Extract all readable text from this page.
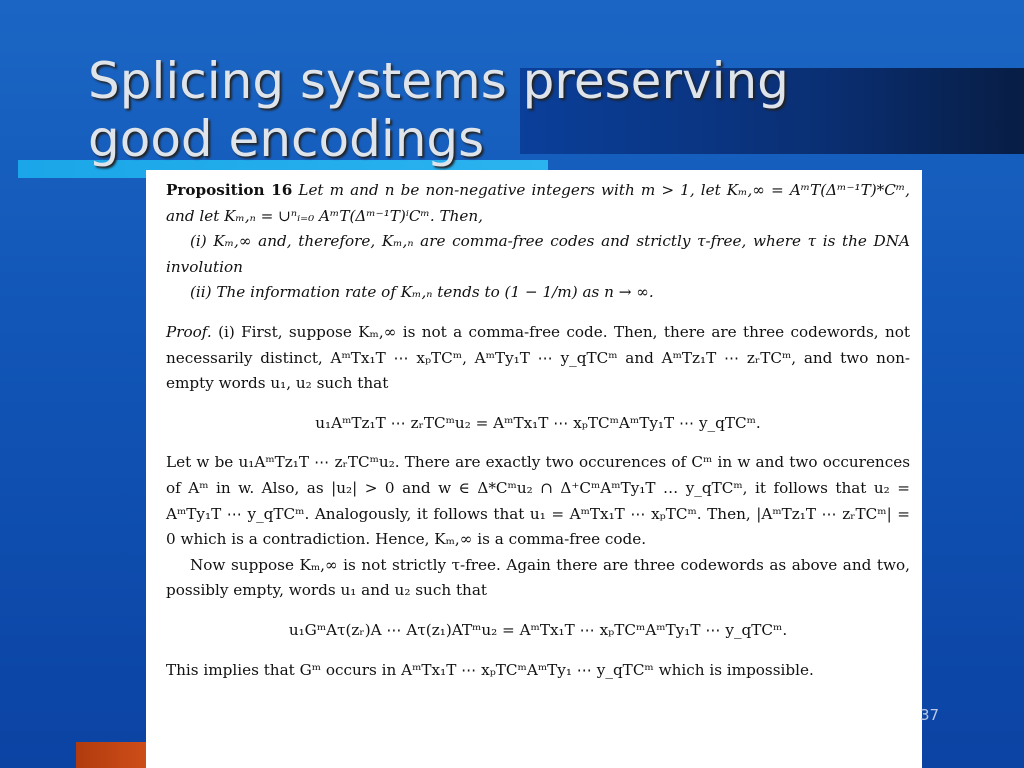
Splicing systems preserving good encodings

Proposition 16 Let m and n be non-negative integers with m > 1, let Kₘ,∞ = AᵐT(Δᵐ⁻¹T)*Cᵐ, and let Kₘ,ₙ = ∪ⁿᵢ₌₀ AᵐT(Δᵐ⁻¹T)ⁱCᵐ. Then,

(i) Kₘ,∞ and, therefore, Kₘ,ₙ are comma-free codes and strictly τ-free, where τ is the DNA involution

(ii) The information rate of Kₘ,ₙ tends to (1 − 1/m) as n → ∞.

Proof. (i) First, suppose Kₘ,∞ is not a comma-free code. Then, there are three codewords, not necessarily distinct, AᵐTx₁T ⋯ xₚTCᵐ, AᵐTy₁T ⋯ y_qTCᵐ and AᵐTz₁T ⋯ zᵣTCᵐ, and two non-empty words u₁, u₂ such that

u₁AᵐTz₁T ⋯ zᵣTCᵐu₂ = AᵐTx₁T ⋯ xₚTCᵐAᵐTy₁T ⋯ y_qTCᵐ.

Let w be u₁AᵐTz₁T ⋯ zᵣTCᵐu₂. There are exactly two occurences of Cᵐ in w and two occurences of Aᵐ in w. Also, as |u₂| > 0 and w ∈ Δ*Cᵐu₂ ∩ Δ⁺CᵐAᵐTy₁T … y_qTCᵐ, it follows that u₂ = AᵐTy₁T ⋯ y_qTCᵐ. Analogously, it follows that u₁ = AᵐTx₁T ⋯ xₚTCᵐ. Then, |AᵐTz₁T ⋯ zᵣTCᵐ| = 0 which is a contradiction. Hence, Kₘ,∞ is a comma-free code.

Now suppose Kₘ,∞ is not strictly τ-free. Again there are three codewords as above and two, possibly empty, words u₁ and u₂ such that

u₁GᵐAτ(zᵣ)A ⋯ Aτ(z₁)ATᵐu₂ = AᵐTx₁T ⋯ xₚTCᵐAᵐTy₁T ⋯ y_qTCᵐ.

This implies that Gᵐ occurs in AᵐTx₁T ⋯ xₚTCᵐAᵐTy₁ ⋯ y_qTCᵐ which is impossible.

37
